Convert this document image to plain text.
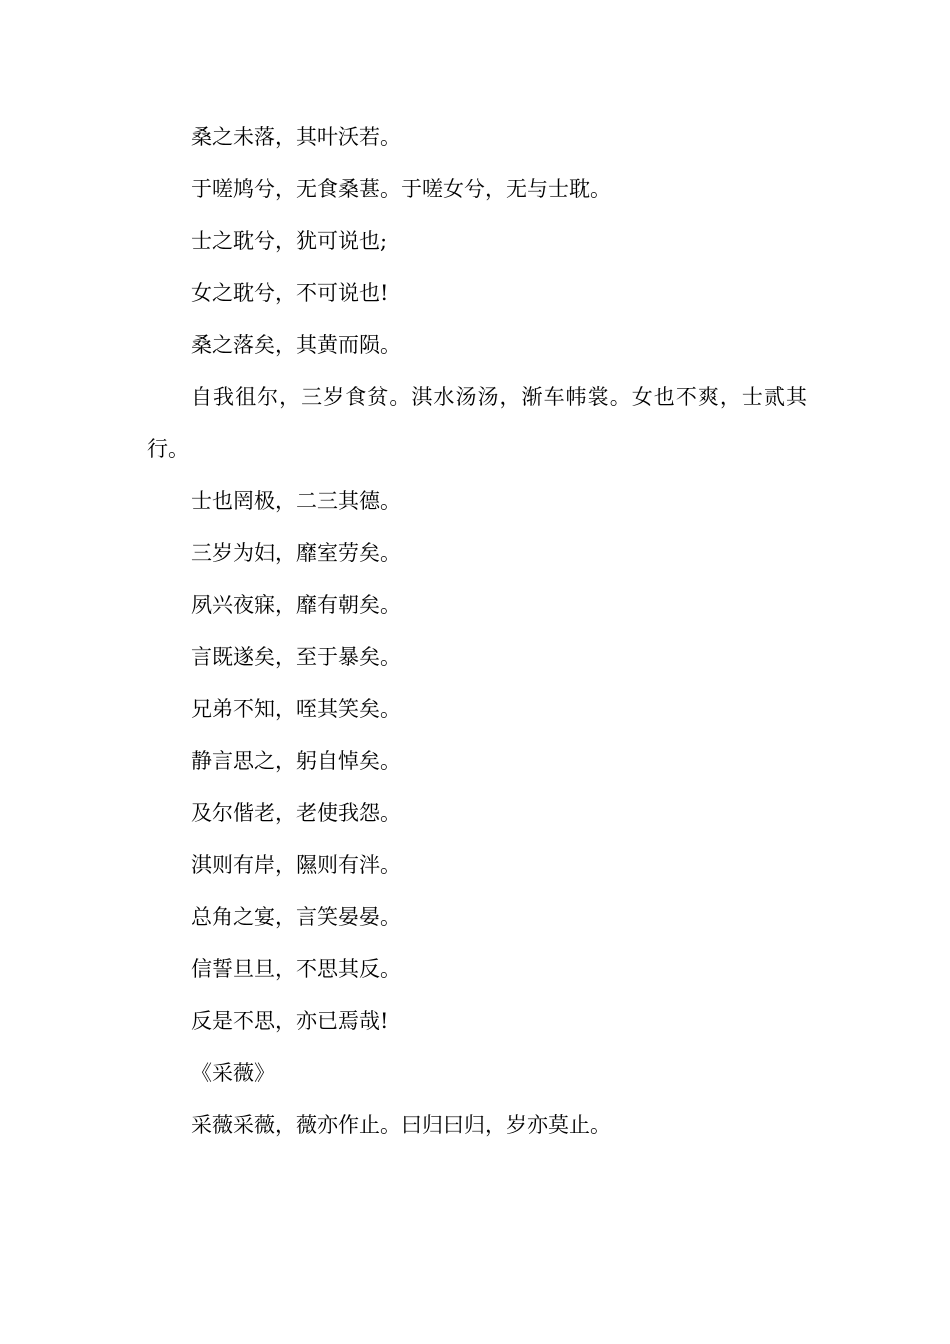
桑之未落，其叶沃若。

于嗟鸠兮，无食桑葚。于嗟女兮，无与士耽。

士之耽兮，犹可说也;

女之耽兮，不可说也!

桑之落矣，其黄而陨。

自我徂尔，三岁食贫。淇水汤汤，渐车帏裳。女也不爽，士贰其行。

士也罔极，二三其德。

三岁为妇，靡室劳矣。

夙兴夜寐，靡有朝矣。

言既遂矣，至于暴矣。

兄弟不知，咥其笑矣。

静言思之，躬自悼矣。

及尔偕老，老使我怨。

淇则有岸，隰则有泮。

总角之宴，言笑晏晏。

信誓旦旦，不思其反。

反是不思，亦已焉哉!

《采薇》

采薇采薇，薇亦作止。曰归曰归，岁亦莫止。
